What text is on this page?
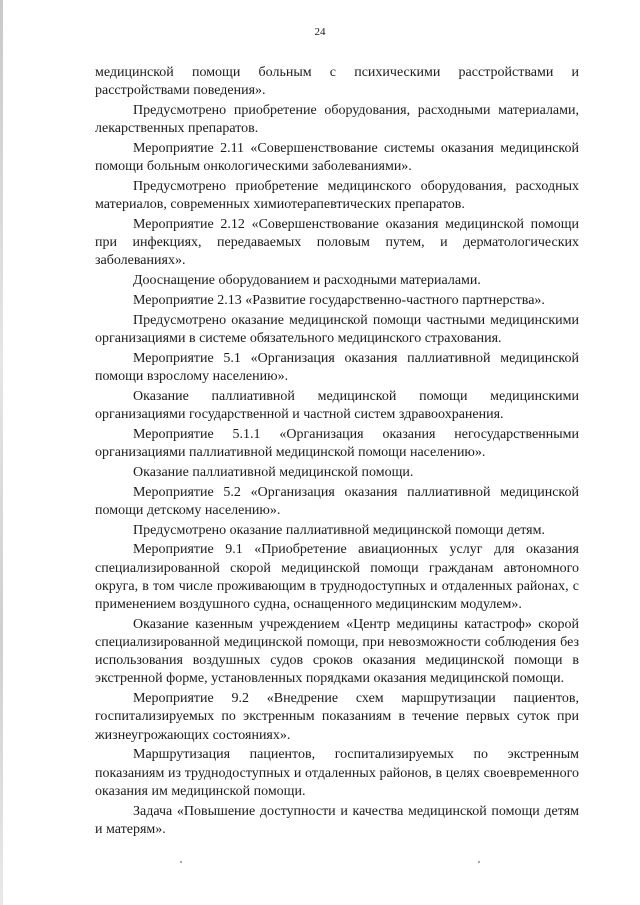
24

медицинской помощи больным с психическими расстройствами и расстройствами поведения».

Предусмотрено приобретение оборудования, расходными материалами, лекарственных препаратов.

Мероприятие 2.11 «Совершенствование системы оказания медицинской помощи больным онкологическими заболеваниями».

Предусмотрено приобретение медицинского оборудования, расходных материалов, современных химиотерапевтических препаратов.

Мероприятие 2.12 «Совершенствование оказания медицинской помощи при инфекциях, передаваемых половым путем, и дерматологических заболеваниях».

Дооснащение оборудованием и расходными материалами.

Мероприятие 2.13 «Развитие государственно-частного партнерства».

Предусмотрено оказание медицинской помощи частными медицинскими организациями в системе обязательного медицинского страхования.

Мероприятие 5.1 «Организация оказания паллиативной медицинской помощи взрослому населению».

Оказание паллиативной медицинской помощи медицинскими организациями государственной и частной систем здравоохранения.

Мероприятие 5.1.1 «Организация оказания негосударственными организациями паллиативной медицинской помощи населению».

Оказание паллиативной медицинской помощи.

Мероприятие 5.2 «Организация оказания паллиативной медицинской помощи детскому населению».

Предусмотрено оказание паллиативной медицинской помощи детям.

Мероприятие 9.1 «Приобретение авиационных услуг для оказания специализированной скорой медицинской помощи гражданам автономного округа, в том числе проживающим в труднодоступных и отдаленных районах, с применением воздушного судна, оснащенного медицинским модулем».

Оказание казенным учреждением «Центр медицины катастроф» скорой специализированной медицинской помощи, при невозможности соблюдения без использования воздушных судов сроков оказания медицинской помощи в экстренной форме, установленных порядками оказания медицинской помощи.

Мероприятие 9.2 «Внедрение схем маршрутизации пациентов, госпитализируемых по экстренным показаниям в течение первых суток при жизнеугрожающих состояниях».

Маршрутизация пациентов, госпитализируемых по экстренным показаниям из труднодоступных и отдаленных районов, в целях своевременного оказания им медицинской помощи.

Задача «Повышение доступности и качества медицинской помощи детям и матерям».
